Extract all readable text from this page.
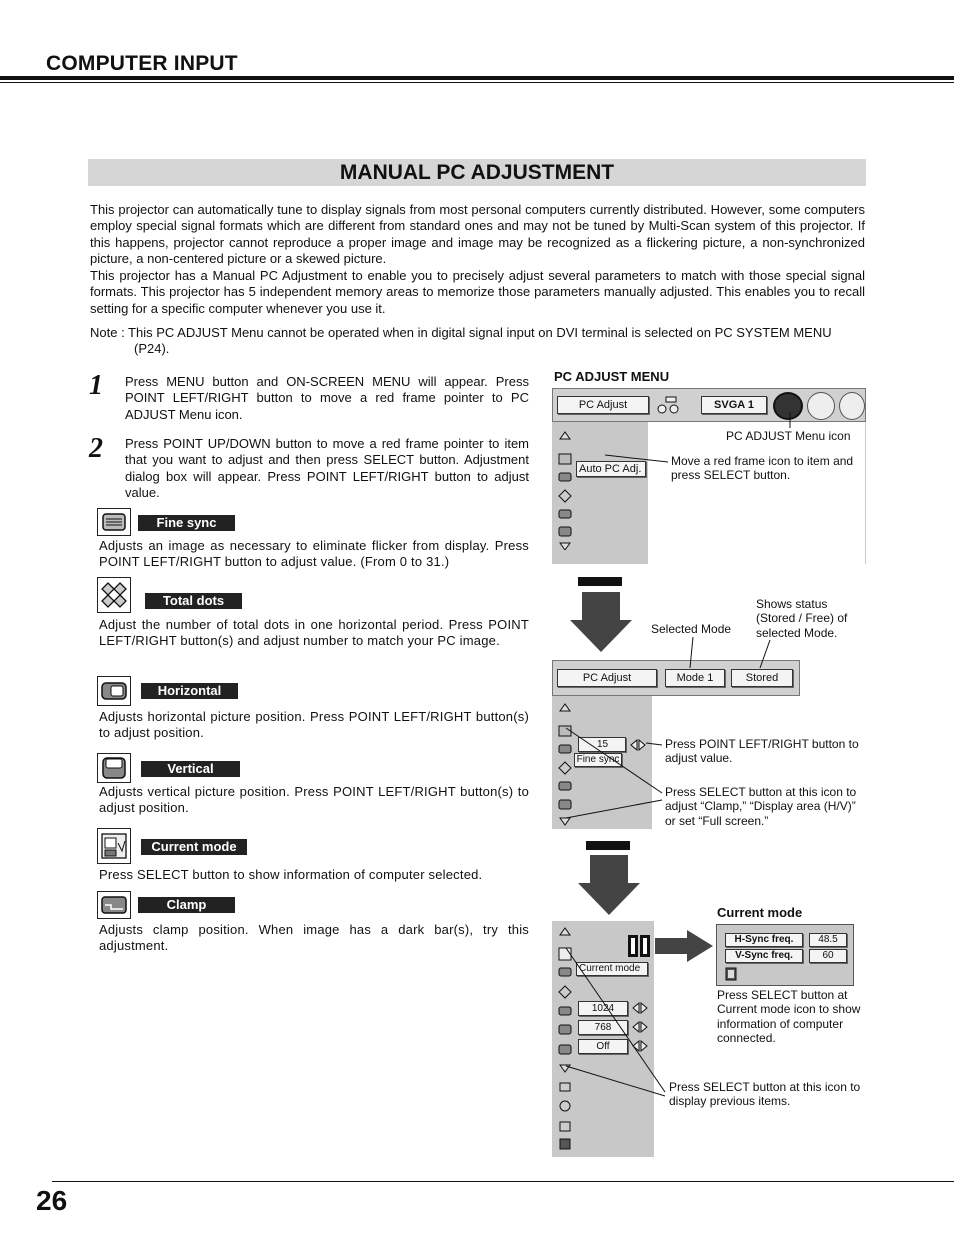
COMPUTER INPUT
MANUAL PC ADJUSTMENT
This projector can automatically tune to display signals from most personal computers currently distributed. However, some computers employ special signal formats which are different from standard ones and may not be tuned by Multi-Scan system of this projector. If this happens, projector cannot reproduce a proper image and image may be recognized as a flickering picture, a non-synchronized picture, a non-centered picture or a skewed picture.
This projector has a Manual PC Adjustment to enable you to precisely adjust several parameters to match with those special signal formats. This projector has 5 independent memory areas to memorize those parameters manually adjusted. This enables you to recall setting for a specific computer whenever you use it.
Note : This PC ADJUST Menu cannot be operated when in digital signal input on DVI terminal is selected on PC SYSTEM MENU (P24).
1 Press MENU button and ON-SCREEN MENU will appear. Press POINT LEFT/RIGHT button to move a red frame pointer to PC ADJUST Menu icon.
2 Press POINT UP/DOWN button to move a red frame pointer to item that you want to adjust and then press SELECT button. Adjustment dialog box will appear. Press POINT LEFT/RIGHT button to adjust value.
Fine sync
Adjusts an image as necessary to eliminate flicker from display. Press POINT LEFT/RIGHT button to adjust value. (From 0 to 31.)
Total dots
Adjust the number of total dots in one horizontal period. Press POINT LEFT/RIGHT button(s) and adjust number to match your PC image.
Horizontal
Adjusts horizontal picture position. Press POINT LEFT/RIGHT button(s) to adjust position.
Vertical
Adjusts vertical picture position. Press POINT LEFT/RIGHT button(s) to adjust position.
Current mode
Press SELECT button to show information of computer selected.
Clamp
Adjusts clamp position. When image has a dark bar(s), try this adjustment.
PC ADJUST MENU
PC Adjust	SVGA 1
Auto PC Adj.
PC ADJUST Menu icon
Move a red frame icon to item and press SELECT button.
Selected Mode
Shows status (Stored / Free) of selected Mode.
PC Adjust	Mode 1	Stored
15
Fine sync
Press POINT LEFT/RIGHT button to adjust value.
Press SELECT button at this icon to adjust “Clamp,” “Display area (H/V)” or set “Full screen.”
Current mode
1024
768
Off
Current mode
H-Sync freq.	48.5
V-Sync freq.	60
Press SELECT button at Current mode icon to show information of computer connected.
Press SELECT button at this icon to display previous items.
26
